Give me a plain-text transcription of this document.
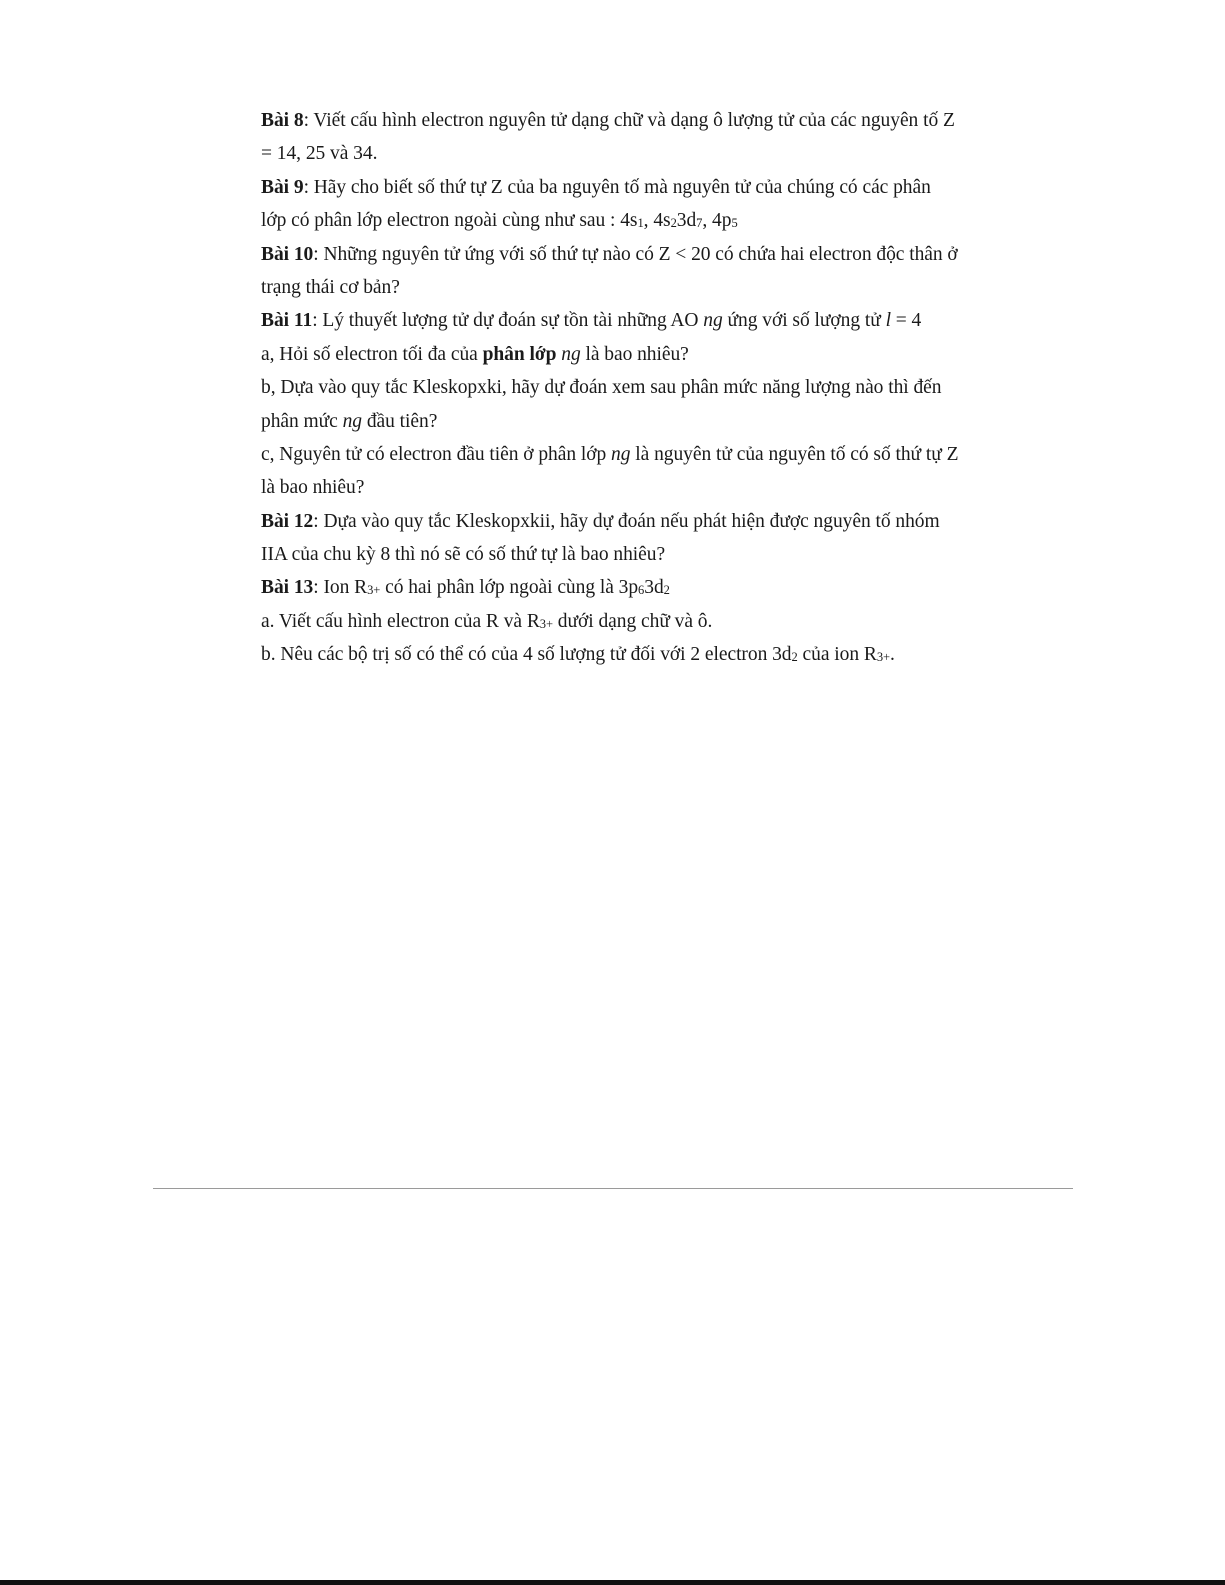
Bài 8: Viết cấu hình electron nguyên tử dạng chữ và dạng ô lượng tử của các nguyên tố Z
= 14, 25 và 34.
Bài 9: Hãy cho biết số thứ tự Z của ba nguyên tố mà nguyên tử của chúng có các phân
lớp có phân lớp electron ngoài cùng như sau : 4s1, 4s23d7, 4p5
Bài 10: Những nguyên tử ứng với số thứ tự nào có Z < 20 có chứa hai electron độc thân ở
trạng thái cơ bản?
Bài 11: Lý thuyết lượng tử dự đoán sự tồn tài những AO ng ứng với số lượng tử l = 4
a, Hỏi số electron tối đa của phân lớp ng là bao nhiêu?
b, Dựa vào quy tắc Kleskopxki, hãy dự đoán xem sau phân mức năng lượng nào thì đến
phân mức ng đầu tiên?
c, Nguyên tử có electron đầu tiên ở phân lớp ng là nguyên tử của nguyên tố có số thứ tự Z
là bao nhiêu?
Bài 12: Dựa vào quy tắc Kleskopxkii, hãy dự đoán nếu phát hiện được nguyên tố nhóm
IIA của chu kỳ 8 thì nó sẽ có số thứ tự là bao nhiêu?
Bài 13: Ion R3+ có hai phân lớp ngoài cùng là 3p63d2
a. Viết cấu hình electron của R và R3+ dưới dạng chữ và ô.
b. Nêu các bộ trị số có thể có của 4 số lượng tử đối với 2 electron 3d2 của ion R3+.
